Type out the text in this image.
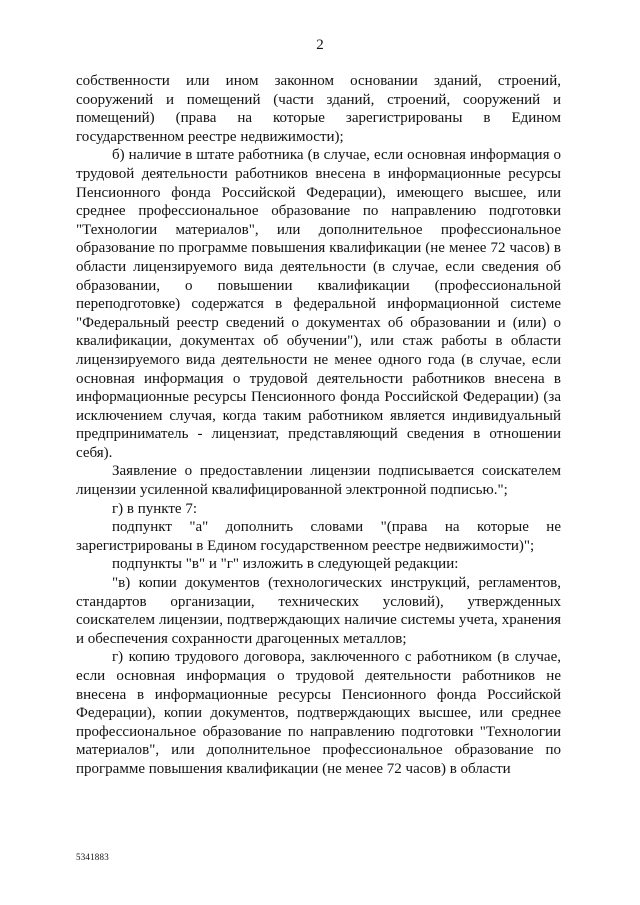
2

собственности или ином законном основании зданий, строений, сооружений и помещений (части зданий, строений, сооружений и помещений) (права на которые зарегистрированы в Едином государственном реестре недвижимости);

б) наличие в штате работника (в случае, если основная информация о трудовой деятельности работников внесена в информационные ресурсы Пенсионного фонда Российской Федерации), имеющего высшее, или среднее профессиональное образование по направлению подготовки "Технологии материалов", или дополнительное профессиональное образование по программе повышения квалификации (не менее 72 часов) в области лицензируемого вида деятельности (в случае, если сведения об образовании, о повышении квалификации (профессиональной переподготовке) содержатся в федеральной информационной системе "Федеральный реестр сведений о документах об образовании и (или) о квалификации, документах об обучении"), или стаж работы в области лицензируемого вида деятельности не менее одного года (в случае, если основная информация о трудовой деятельности работников внесена в информационные ресурсы Пенсионного фонда Российской Федерации) (за исключением случая, когда таким работником является индивидуальный предприниматель - лицензиат, представляющий сведения в отношении себя).

Заявление о предоставлении лицензии подписывается соискателем лицензии усиленной квалифицированной электронной подписью.";

г) в пункте 7:

подпункт "а" дополнить словами "(права на которые не зарегистрированы в Едином государственном реестре недвижимости)";

подпункты "в" и "г" изложить в следующей редакции:

"в) копии документов (технологических инструкций, регламентов, стандартов организации, технических условий), утвержденных соискателем лицензии, подтверждающих наличие системы учета, хранения и обеспечения сохранности драгоценных металлов;

г) копию трудового договора, заключенного с работником (в случае, если основная информация о трудовой деятельности работников не внесена в информационные ресурсы Пенсионного фонда Российской Федерации), копии документов, подтверждающих высшее, или среднее профессиональное образование по направлению подготовки "Технологии материалов", или дополнительное профессиональное образование по программе повышения квалификации (не менее 72 часов) в области

5341883
